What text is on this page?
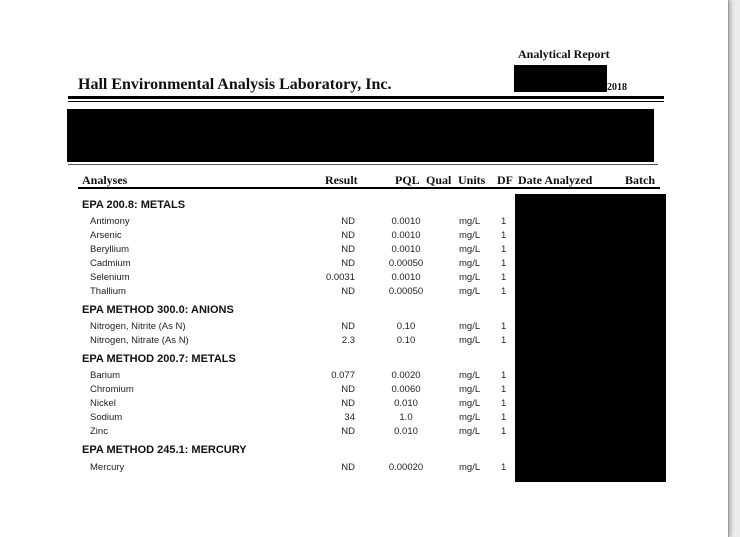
Analytical Report
2018
Hall Environmental Analysis Laboratory, Inc.
Analyses	Result	PQL Qual Units DF Date Analyzed	Batch
EPA 200.8: METALS
Antimony	ND	0.0010	mg/L 1
Arsenic	ND	0.0010	mg/L 1
Beryllium	ND	0.0010	mg/L 1
Cadmium	ND	0.00050	mg/L 1
Selenium	0.0031	0.0010	mg/L 1
Thallium	ND	0.00050	mg/L 1
EPA METHOD 300.0: ANIONS
Nitrogen, Nitrite (As N)	ND	0.10	mg/L 1
Nitrogen, Nitrate (As N)	2.3	0.10	mg/L 1
EPA METHOD 200.7: METALS
Barium	0.077	0.0020	mg/L 1
Chromium	ND	0.0060	mg/L 1
Nickel	ND	0.010	mg/L 1
Sodium	34	1.0	mg/L 1
Zinc	ND	0.010	mg/L 1
EPA METHOD 245.1: MERCURY
Mercury	ND	0.00020	mg/L 1
